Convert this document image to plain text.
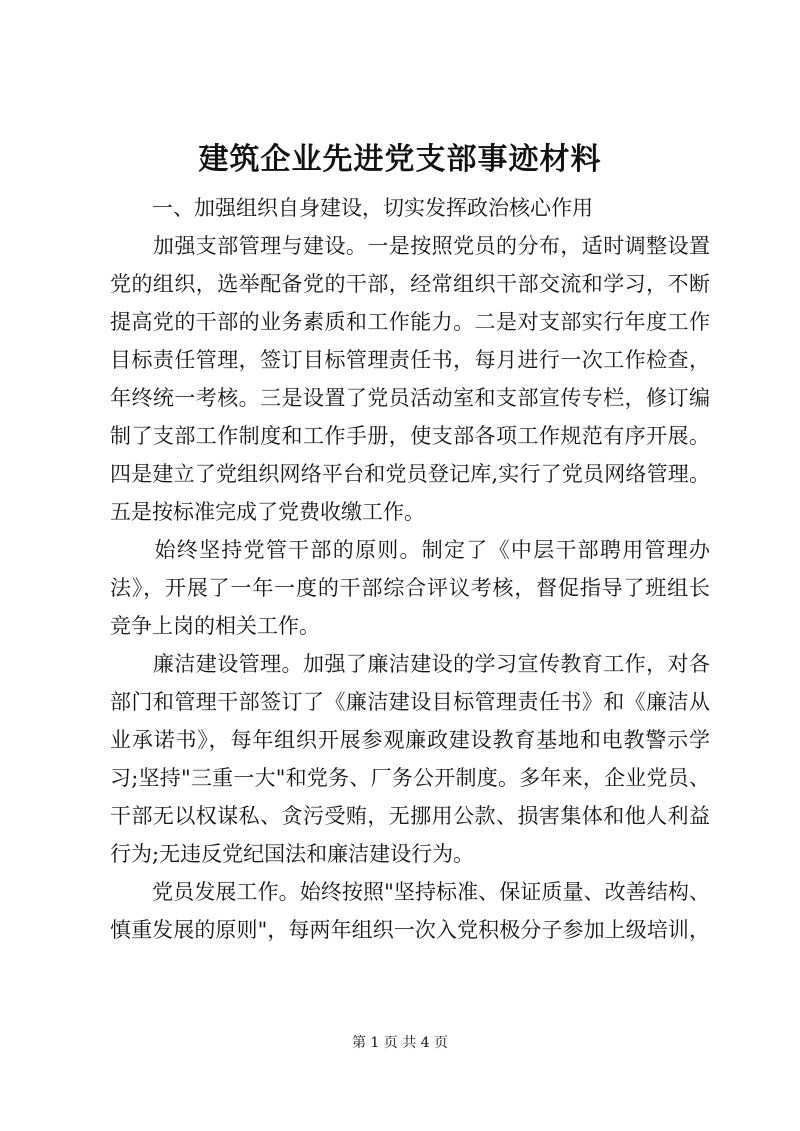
建筑企业先进党支部事迹材料
　　一、加强组织自身建设，切实发挥政治核心作用
　　加强支部管理与建设。一是按照党员的分布，适时调整设置
党的组织，选举配备党的干部，经常组织干部交流和学习，不断
提高党的干部的业务素质和工作能力。二是对支部实行年度工作
目标责任管理，签订目标管理责任书，每月进行一次工作检查，
年终统一考核。三是设置了党员活动室和支部宣传专栏，修订编
制了支部工作制度和工作手册，使支部各项工作规范有序开展。
四是建立了党组织网络平台和党员登记库,实行了党员网络管理。
五是按标准完成了党费收缴工作。
　　始终坚持党管干部的原则。制定了《中层干部聘用管理办
法》，开展了一年一度的干部综合评议考核，督促指导了班组长
竞争上岗的相关工作。
　　廉洁建设管理。加强了廉洁建设的学习宣传教育工作，对各
部门和管理干部签订了《廉洁建设目标管理责任书》和《廉洁从
业承诺书》，每年组织开展参观廉政建设教育基地和电教警示学
习;坚持"三重一大"和党务、厂务公开制度。多年来，企业党员、
干部无以权谋私、贪污受贿，无挪用公款、损害集体和他人利益
行为;无违反党纪国法和廉洁建设行为。
　　党员发展工作。始终按照"坚持标准、保证质量、改善结构、
慎重发展的原则"，每两年组织一次入党积极分子参加上级培训，
第 1 页 共 4 页
